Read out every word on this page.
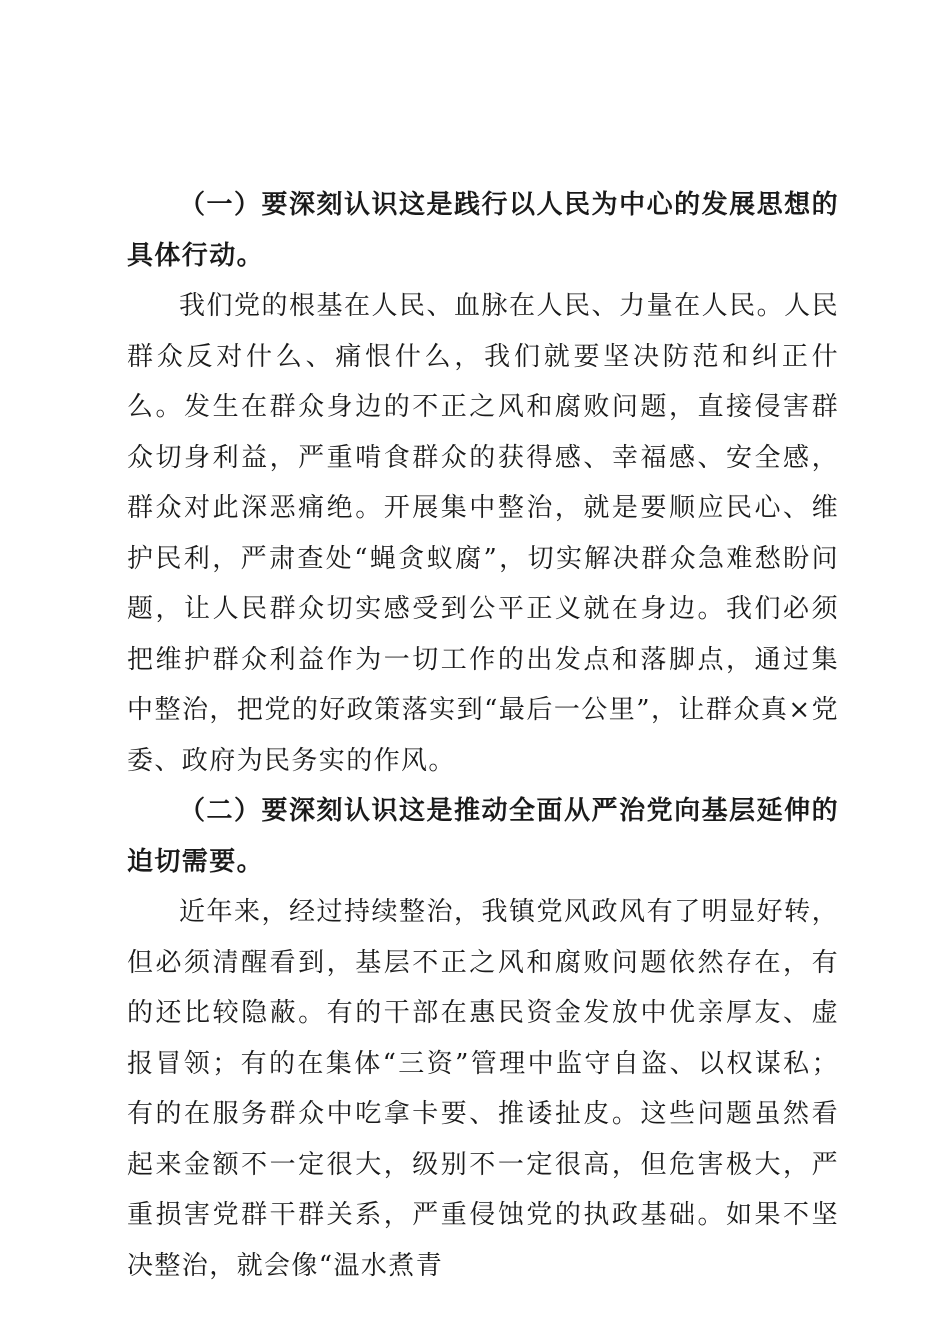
（一）要深刻认识这是践行以人民为中心的发展思想的具体行动。

我们党的根基在人民、血脉在人民、力量在人民。人民群众反对什么、痛恨什么，我们就要坚决防范和纠正什么。发生在群众身边的不正之风和腐败问题，直接侵害群众切身利益，严重啃食群众的获得感、幸福感、安全感，群众对此深恶痛绝。开展集中整治，就是要顺应民心、维护民利，严肃查处“蝇贪蚁腐”，切实解决群众急难愁盼问题，让人民群众切实感受到公平正义就在身边。我们必须把维护群众利益作为一切工作的出发点和落脚点，通过集中整治，把党的好政策落实到“最后一公里”，让群众真×党委、政府为民务实的作风。

（二）要深刻认识这是推动全面从严治党向基层延伸的迫切需要。

近年来，经过持续整治，我镇党风政风有了明显好转，但必须清醒看到，基层不正之风和腐败问题依然存在，有的还比较隐蔽。有的干部在惠民资金发放中优亲厚友、虚报冒领；有的在集体“三资”管理中监守自盗、以权谋私；有的在服务群众中吃拿卡要、推诿扯皮。这些问题虽然看起来金额不一定很大，级别不一定很高，但危害极大，严重损害党群干群关系，严重侵蚀党的执政基础。如果不坚决整治，就会像“温水煮青
